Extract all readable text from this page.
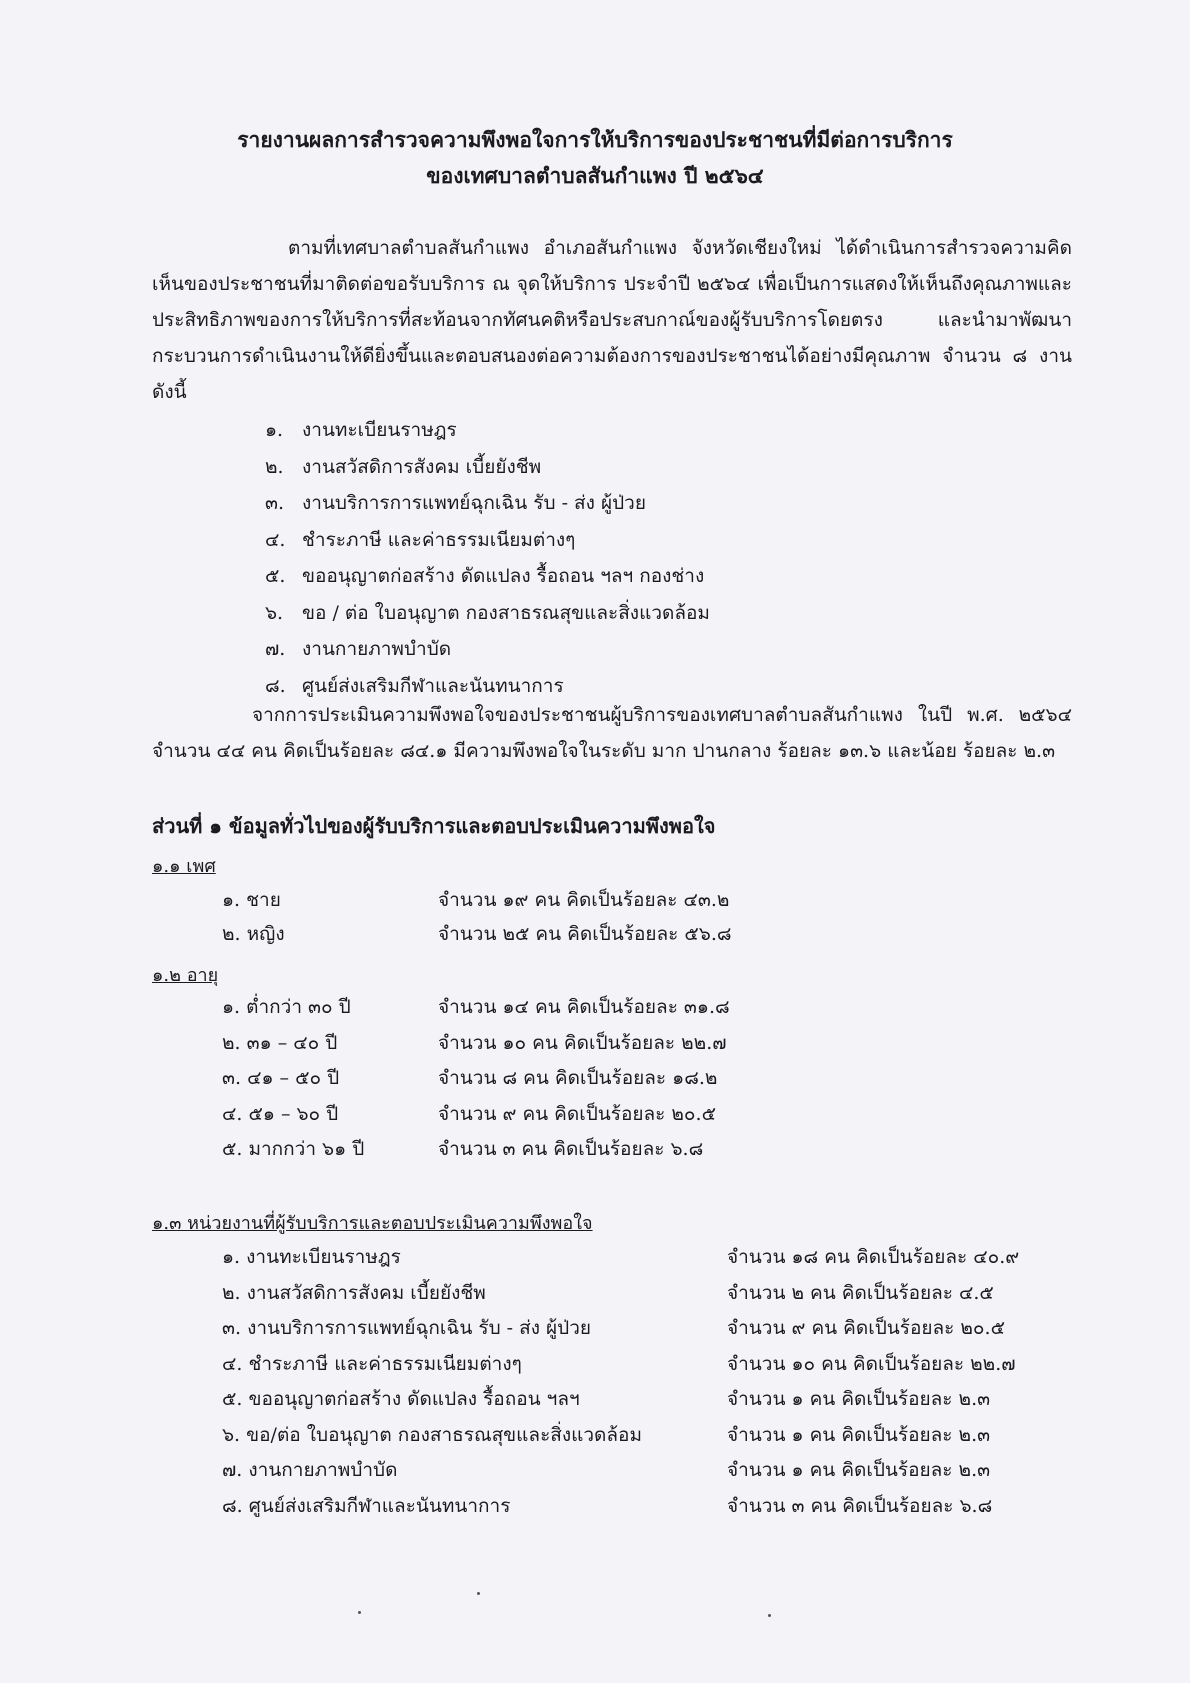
รายงานผลการสำรวจความพึงพอใจการให้บริการของประชาชนที่มีต่อการบริการ
ของเทศบาลตำบลสันกำแพง ปี ๒๕๖๔

ตามที่เทศบาลตำบลสันกำแพง อำเภอสันกำแพง จังหวัดเชียงใหม่ ได้ดำเนินการสำรวจความคิดเห็นของประชาชนที่มาติดต่อขอรับบริการ ณ จุดให้บริการ ประจำปี ๒๕๖๔ เพื่อเป็นการแสดงให้เห็นถึงคุณภาพและประสิทธิภาพของการให้บริการที่สะท้อนจากทัศนคติหรือประสบกาณ์ของผู้รับบริการโดยตรง และนำมาพัฒนากระบวนการดำเนินงานให้ดียิ่งขึ้นและตอบสนองต่อความต้องการของประชาชนได้อย่างมีคุณภาพ จำนวน ๘ งาน ดังนี้

๑. งานทะเบียนราษฎร
๒. งานสวัสดิการสังคม เบี้ยยังชีพ
๓. งานบริการการแพทย์ฉุกเฉิน รับ - ส่ง ผู้ป่วย
๔. ชำระภาษี และค่าธรรมเนียมต่างๆ
๕. ขออนุญาตก่อสร้าง ดัดแปลง รื้อถอน ฯลฯ กองช่าง
๖. ขอ / ต่อ ใบอนุญาต กองสาธรณสุขและสิ่งแวดล้อม
๗. งานกายภาพบำบัด
๘. ศูนย์ส่งเสริมกีฬาและนันทนาการ

จากการประเมินความพึงพอใจของประชาชนผู้บริการของเทศบาลตำบลสันกำแพง ในปี พ.ศ. ๒๕๖๔ จำนวน ๔๔ คน คิดเป็นร้อยละ ๘๔.๑ มีความพึงพอใจในระดับ มาก ปานกลาง ร้อยละ ๑๓.๖ และน้อย ร้อยละ ๒.๓

ส่วนที่ ๑ ข้อมูลทั่วไปของผู้รับบริการและตอบประเมินความพึงพอใจ
๑.๑ เพศ
๑. ชาย	จำนวน ๑๙ คน คิดเป็นร้อยละ ๔๓.๒
๒. หญิง	จำนวน ๒๕ คน คิดเป็นร้อยละ ๕๖.๘
๑.๒ อายุ
๑. ต่ำกว่า ๓๐ ปี	จำนวน ๑๔ คน คิดเป็นร้อยละ ๓๑.๘
๒. ๓๑ – ๔๐ ปี	จำนวน ๑๐ คน คิดเป็นร้อยละ ๒๒.๗
๓. ๔๑ – ๕๐ ปี	จำนวน ๘ คน คิดเป็นร้อยละ ๑๘.๒
๔. ๕๑ – ๖๐ ปี	จำนวน ๙ คน คิดเป็นร้อยละ ๒๐.๕
๕. มากกว่า ๖๑ ปี	จำนวน ๓ คน คิดเป็นร้อยละ ๖.๘
๑.๓ หน่วยงานที่ผู้รับบริการและตอบประเมินความพึงพอใจ
๑. งานทะเบียนราษฎร	จำนวน ๑๘ คน คิดเป็นร้อยละ ๔๐.๙
๒. งานสวัสดิการสังคม เบี้ยยังชีพ	จำนวน ๒ คน คิดเป็นร้อยละ ๔.๕
๓. งานบริการการแพทย์ฉุกเฉิน รับ - ส่ง ผู้ป่วย	จำนวน ๙ คน คิดเป็นร้อยละ ๒๐.๕
๔. ชำระภาษี และค่าธรรมเนียมต่างๆ	จำนวน ๑๐ คน คิดเป็นร้อยละ ๒๒.๗
๕. ขออนุญาตก่อสร้าง ดัดแปลง รื้อถอน ฯลฯ	จำนวน ๑ คน คิดเป็นร้อยละ ๒.๓
๖. ขอ/ต่อ ใบอนุญาต กองสาธรณสุขและสิ่งแวดล้อม	จำนวน ๑ คน คิดเป็นร้อยละ ๒.๓
๗. งานกายภาพบำบัด	จำนวน ๑ คน คิดเป็นร้อยละ ๒.๓
๘. ศูนย์ส่งเสริมกีฬาและนันทนาการ	จำนวน ๓ คน คิดเป็นร้อยละ ๖.๘
